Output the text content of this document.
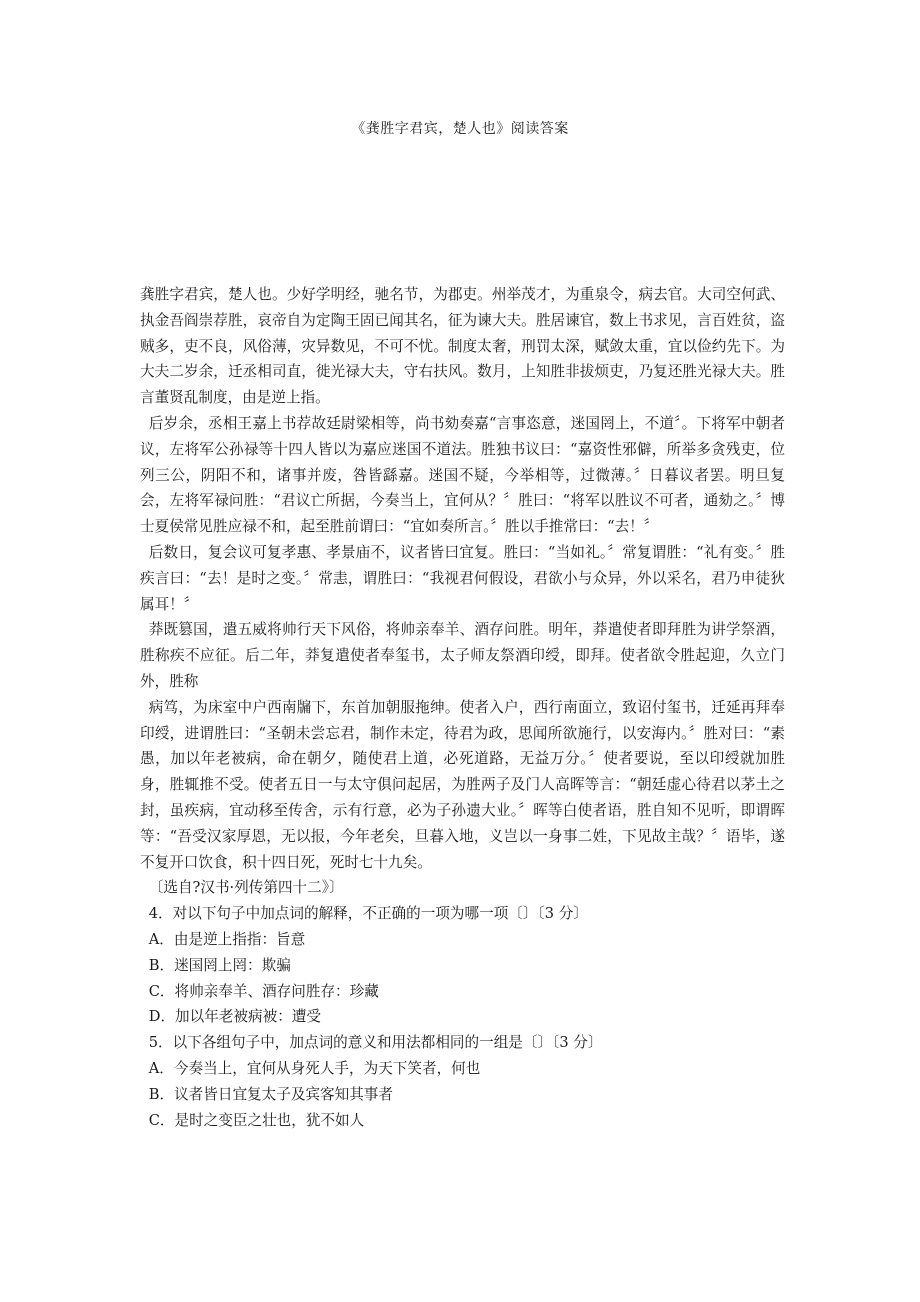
《龚胜字君宾，楚人也》阅读答案

龚胜字君宾，楚人也。少好学明经，驰名节，为郡吏。州举茂才，为重泉令，病去官。大司空何武、执金吾阎崇荐胜，哀帝自为定陶王固已闻其名，征为谏大夫。胜居谏官，数上书求见，言百姓贫，盗贼多，吏不良，风俗薄，灾异数见，不可不忧。制度太奢，刑罚太深，赋敛太重，宜以俭约先下。为大夫二岁余，迁丞相司直，徙光禄大夫，守右扶风。数月，上知胜非拔烦吏，乃复还胜光禄大夫。胜言董贤乱制度，由是逆上指。

后岁余，丞相王嘉上书荐故廷尉梁相等，尚书劾奏嘉“言事恣意，迷国罔上，不道〞。下将军中朝者议，左将军公孙禄等十四人皆以为嘉应迷国不道法。胜独书议曰：“嘉资性邪僻，所举多贪残吏，位列三公，阴阳不和，诸事并废，咎皆繇嘉。迷国不疑，今举相等，过微薄。〞日暮议者罢。明旦复会，左将军禄问胜：“君议亡所据，今奏当上，宜何从？〞胜曰：“将军以胜议不可者，通劾之。〞博士夏侯常见胜应禄不和，起至胜前谓曰：“宜如奏所言。〞胜以手推常曰：“去！〞

后数日，复会议可复孝惠、孝景庙不，议者皆曰宜复。胜曰：“当如礼。〞常复谓胜：“礼有变。〞胜疾言曰：“去！是时之变。〞常恚，谓胜曰：“我视君何假设，君欲小与众异，外以采名，君乃申徒狄属耳！〞

莽既篡国，遣五威将帅行天下风俗，将帅亲奉羊、酒存问胜。明年，莽遣使者即拜胜为讲学祭酒，胜称疾不应征。后二年，莽复遣使者奉玺书，太子师友祭酒印绶，即拜。使者欲令胜起迎，久立门外，胜称

病笃，为床室中户西南牖下，东首加朝服拖绅。使者入户，西行南面立，致诏付玺书，迁延再拜奉印绶，进谓胜曰：“圣朝未尝忘君，制作未定，待君为政，思闻所欲施行，以安海内。〞胜对曰：“素愚，加以年老被病，命在朝夕，随使君上道，必死道路，无益万分。〞使者要说，至以印绶就加胜身，胜辄推不受。使者五日一与太守俱问起居，为胜两子及门人高晖等言：“朝廷虚心待君以茅土之封，虽疾病，宜动移至传舍，示有行意，必为子孙遗大业。〞晖等白使者语，胜自知不见听，即谓晖等：“吾受汉家厚恩，无以报，今年老矣，旦暮入地，义岂以一身事二姓，下见故主哉？〞语毕，遂不复开口饮食，积十四日死，死时七十九矣。

〔选自?汉书·列传第四十二》〕

4．对以下句子中加点词的解释，不正确的一项为哪一项〔〕〔3 分〕

A．由是逆上指指：旨意

B．迷国罔上罔：欺骗

C．将帅亲奉羊、酒存问胜存：珍藏

D．加以年老被病被：遭受

5．以下各组句子中，加点词的意义和用法都相同的一组是〔〕〔3 分〕

A．今奏当上，宜何从身死人手，为天下笑者，何也

B．议者皆日宜复太子及宾客知其事者

C．是时之变臣之壮也，犹不如人
